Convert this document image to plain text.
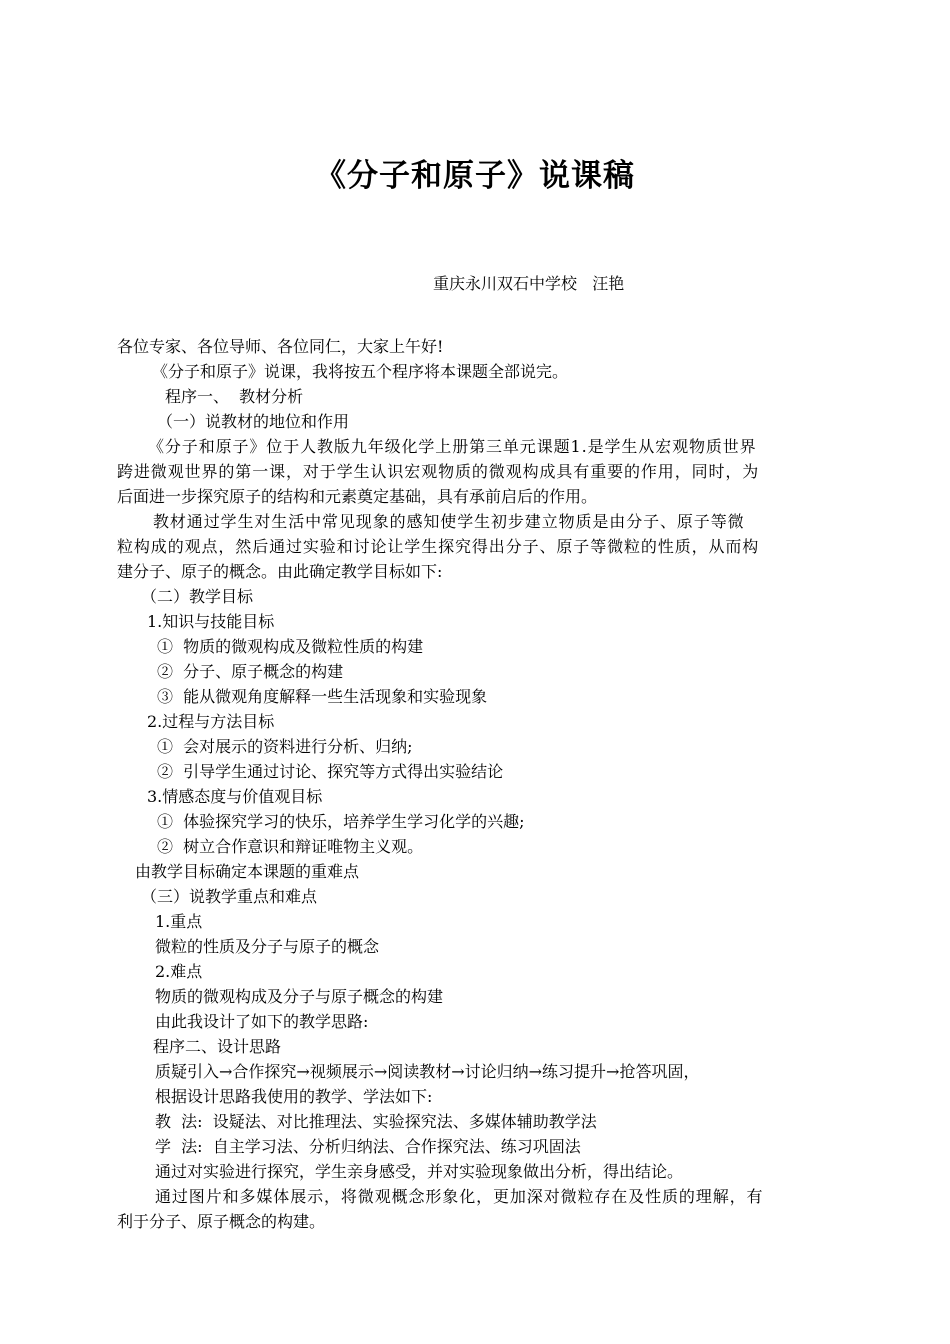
《分子和原子》说课稿
重庆永川双石中学校   汪艳
各位专家、各位导师、各位同仁，大家上午好!
《分子和原子》说课，我将按五个程序将本课题全部说完。
程序一、  教材分析
（一）说教材的地位和作用
《分子和原子》位于人教版九年级化学上册第三单元课题1.是学生从宏观物质世界
跨进微观世界的第一课，对于学生认识宏观物质的微观构成具有重要的作用，同时，为
后面进一步探究原子的结构和元素奠定基础，具有承前启后的作用。
教材通过学生对生活中常见现象的感知使学生初步建立物质是由分子、原子等微
粒构成的观点，然后通过实验和讨论让学生探究得出分子、原子等微粒的性质，从而构
建分子、原子的概念。由此确定教学目标如下:
（二）教学目标
1.知识与技能目标
①  物质的微观构成及微粒性质的构建
②  分子、原子概念的构建
③  能从微观角度解释一些生活现象和实验现象
2.过程与方法目标
①  会对展示的资料进行分析、归纳;
②  引导学生通过讨论、探究等方式得出实验结论
3.情感态度与价值观目标
①  体验探究学习的快乐，培养学生学习化学的兴趣;
②  树立合作意识和辩证唯物主义观。
由教学目标确定本课题的重难点
（三）说教学重点和难点
1.重点
微粒的性质及分子与原子的概念
2.难点
物质的微观构成及分子与原子概念的构建
由此我设计了如下的教学思路:
程序二、设计思路
质疑引入→合作探究→视频展示→阅读教材→讨论归纳→练习提升→抢答巩固，
根据设计思路我使用的教学、学法如下:
教  法:  设疑法、对比推理法、实验探究法、多媒体辅助教学法
学  法:  自主学习法、分析归纳法、合作探究法、练习巩固法
通过对实验进行探究，学生亲身感受，并对实验现象做出分析，得出结论。
通过图片和多媒体展示，将微观概念形象化，更加深对微粒存在及性质的理解，有
利于分子、原子概念的构建。
